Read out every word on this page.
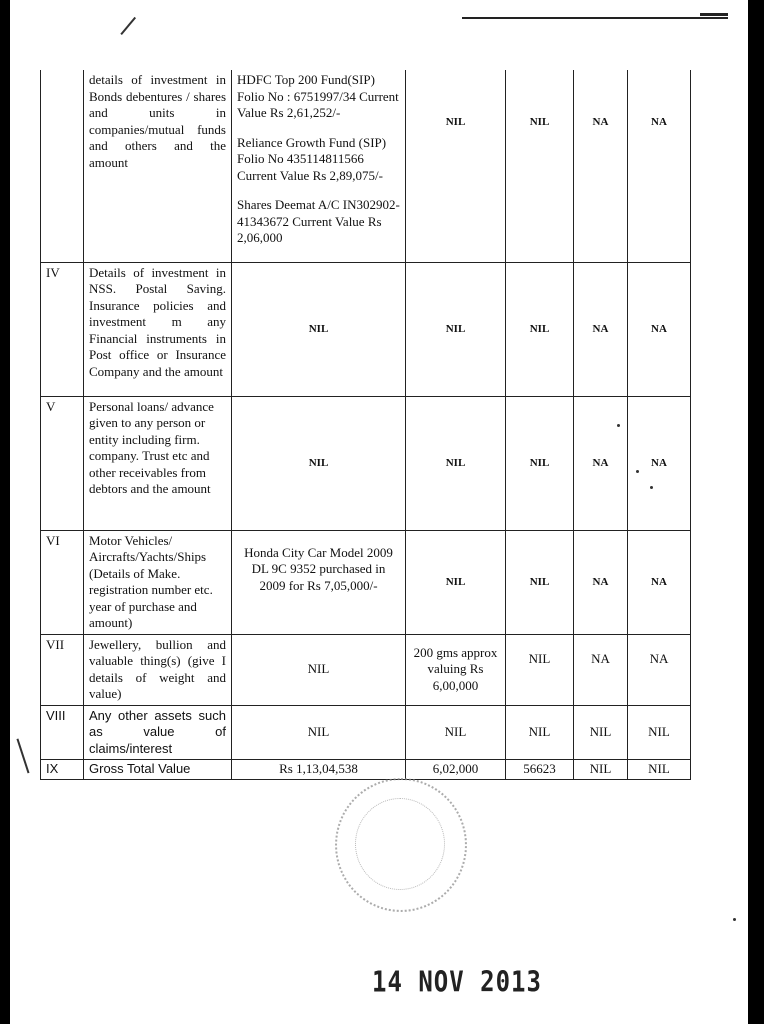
	details of investment in Bonds debentures / shares and units in companies/mutual funds and others and the amount	HDFC Top 200 Fund(SIP) Folio No : 6751997/34 Current Value Rs 2,61,252/-
Reliance Growth Fund (SIP) Folio No 435114811566 Current Value Rs 2,89,075/-
Shares Deemat A/C IN302902-41343672 Current Value Rs 2,06,000	NIL	NIL	NA	NA
IV	Details of investment in NSS. Postal Saving. Insurance policies and investment m any Financial instruments in Post office or Insurance Company and the amount	NIL	NIL	NIL	NA	NA
V	Personal loans/ advance given to any person or entity including firm. company. Trust etc and other receivables from debtors and the amount	NIL	NIL	NIL	NA	NA
VI	Motor Vehicles/ Aircrafts/Yachts/Ships (Details of Make. registration number etc. year of purchase and amount)	Honda City Car Model 2009 DL 9C 9352 purchased in 2009 for Rs 7,05,000/-	NIL	NIL	NA	NA
VII	Jewellery, bullion and valuable thing(s) (give I details of weight and value)	NIL	200 gms approx valuing Rs 6,00,000	NIL	NA	NA
VIII	Any other assets such as value of claims/interest	NIL	NIL	NIL	NIL	NIL
IX	Gross Total Value	Rs 1,13,04,538	6,02,000	56623	NIL	NIL
14 NOV 2013
